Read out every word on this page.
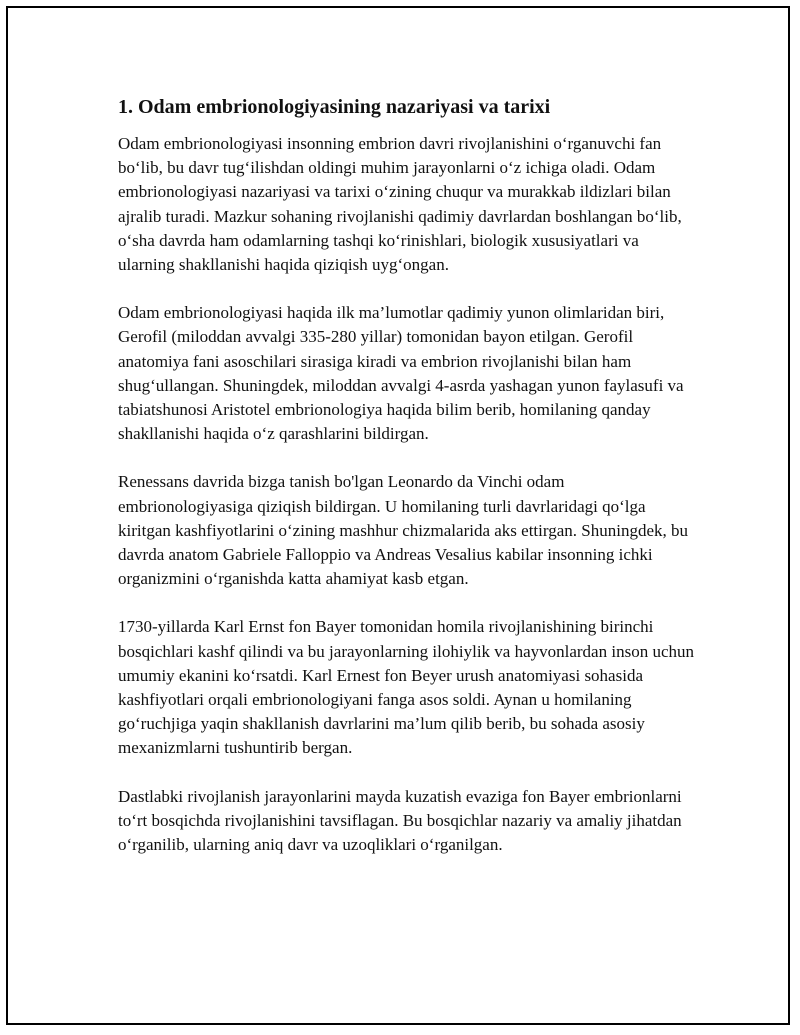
1. Odam embrionologiyasining nazariyasi va tarixi

Odam embrionologiyasi insonning embrion davri rivojlanishini o‘rganuvchi fan bo‘lib, bu davr tug‘ilishdan oldingi muhim jarayonlarni o‘z ichiga oladi. Odam embrionologiyasi nazariyasi va tarixi o‘zining chuqur va murakkab ildizlari bilan ajralib turadi. Mazkur sohaning rivojlanishi qadimiy davrlardan boshlangan bo‘lib, o‘sha davrda ham odamlarning tashqi ko‘rinishlari, biologik xususiyatlari va ularning shakllanishi haqida qiziqish uyg‘ongan.

Odam embrionologiyasi haqida ilk ma’lumotlar qadimiy yunon olimlaridan biri, Gerofil (miloddan avvalgi 335-280 yillar) tomonidan bayon etilgan. Gerofil anatomiya fani asoschilari sirasiga kiradi va embrion rivojlanishi bilan ham shug‘ullangan. Shuningdek, miloddan avvalgi 4-asrda yashagan yunon faylasufi va tabiatshunosi Aristotel embrionologiya haqida bilim berib, homilaning qanday shakllanishi haqida o‘z qarashlarini bildirgan.

Renessans davrida bizga tanish bo'lgan Leonardo da Vinchi odam embrionologiyasiga qiziqish bildirgan. U homilaning turli davrlaridagi qo‘lga kiritgan kashfiyotlarini o‘zining mashhur chizmalarida aks ettirgan. Shuningdek, bu davrda anatom Gabriele Falloppio va Andreas Vesalius kabilar insonning ichki organizmini o‘rganishda katta ahamiyat kasb etgan.

1730-yillarda Karl Ernst fon Bayer tomonidan homila rivojlanishining birinchi bosqichlari kashf qilindi va bu jarayonlarning ilohiylik va hayvonlardan inson uchun umumiy ekanini ko‘rsatdi. Karl Ernest fon Beyer urush anatomiyasi sohasida kashfiyotlari orqali embrionologiyani fanga asos soldi. Aynan u homilaning go‘ruchjiga yaqin shakllanish davrlarini ma’lum qilib berib, bu sohada asosiy mexanizmlarni tushuntirib bergan.

Dastlabki rivojlanish jarayonlarini mayda kuzatish evaziga fon Bayer embrionlarni to‘rt bosqichda rivojlanishini tavsiflagan. Bu bosqichlar nazariy va amaliy jihatdan o‘rganilib, ularning aniq davr va uzoqliklari o‘rganilgan.
